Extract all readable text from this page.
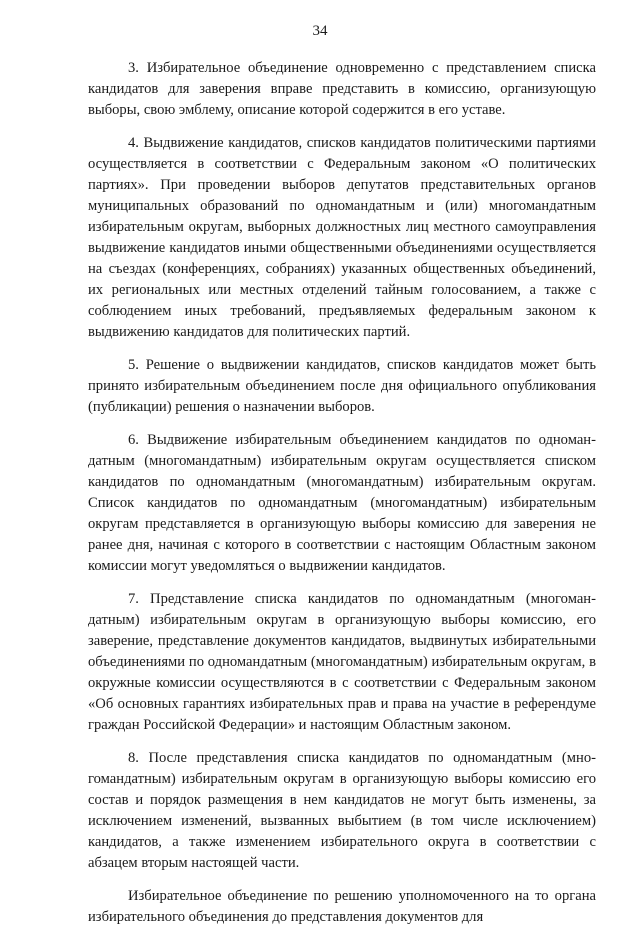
34

3. Избирательное объединение одновременно с представлением списка кандидатов для заверения вправе представить в комиссию, организующую выборы, свою эмблему, описание которой содержится в его уставе.

4. Выдвижение кандидатов, списков кандидатов политическими партиями осуществляется в соответствии с Федеральным законом «О политических партиях». При проведении выборов депутатов представительных органов муниципальных образований по одномандатным и (или) многомандатным избирательным округам, выборных должностных лиц местного самоуправления выдвижение кандидатов иными общественными объединениями осуществляется на съездах (конференциях, собраниях) указанных общественных объединений, их региональных или местных отделений тайным голосованием, а также с соблюдением иных требований, предъявляемых федеральным законом к выдвижению кандидатов для политических партий.

5. Решение о выдвижении кандидатов, списков кандидатов может быть принято избирательным объединением после дня официального опубликования (публикации) решения о назначении выборов.

6. Выдвижение избирательным объединением кандидатов по одномандатным (многомандатным) избирательным округам осуществляется списком кандидатов по одномандатным (многомандатным) избирательным округам. Список кандидатов по одномандатным (многомандатным) избирательным округам представляется в организующую выборы комиссию для заверения не ранее дня, начиная с которого в соответствии с настоящим Областным законом комиссии могут уведомляться о выдвижении кандидатов.

7. Представление списка кандидатов по одномандатным (многомандатным) избирательным округам в организующую выборы комиссию, его заверение, представление документов кандидатов, выдвинутых избирательными объединениями по одномандатным (многомандатным) избирательным округам, в окружные комиссии осуществляются в с соответствии с Федеральным законом «Об основных гарантиях избирательных прав и права на участие в референдуме граждан Российской Федерации» и настоящим Областным законом.

8. После представления списка кандидатов по одномандатным (многомандатным) избирательным округам в организующую выборы комиссию его состав и порядок размещения в нем кандидатов не могут быть изменены, за исключением изменений, вызванных выбытием (в том числе исключением) кандидатов, а также изменением избирательного округа в соответствии с абзацем вторым настоящей части.

Избирательное объединение по решению уполномоченного на то органа избирательного объединения до представления документов для
